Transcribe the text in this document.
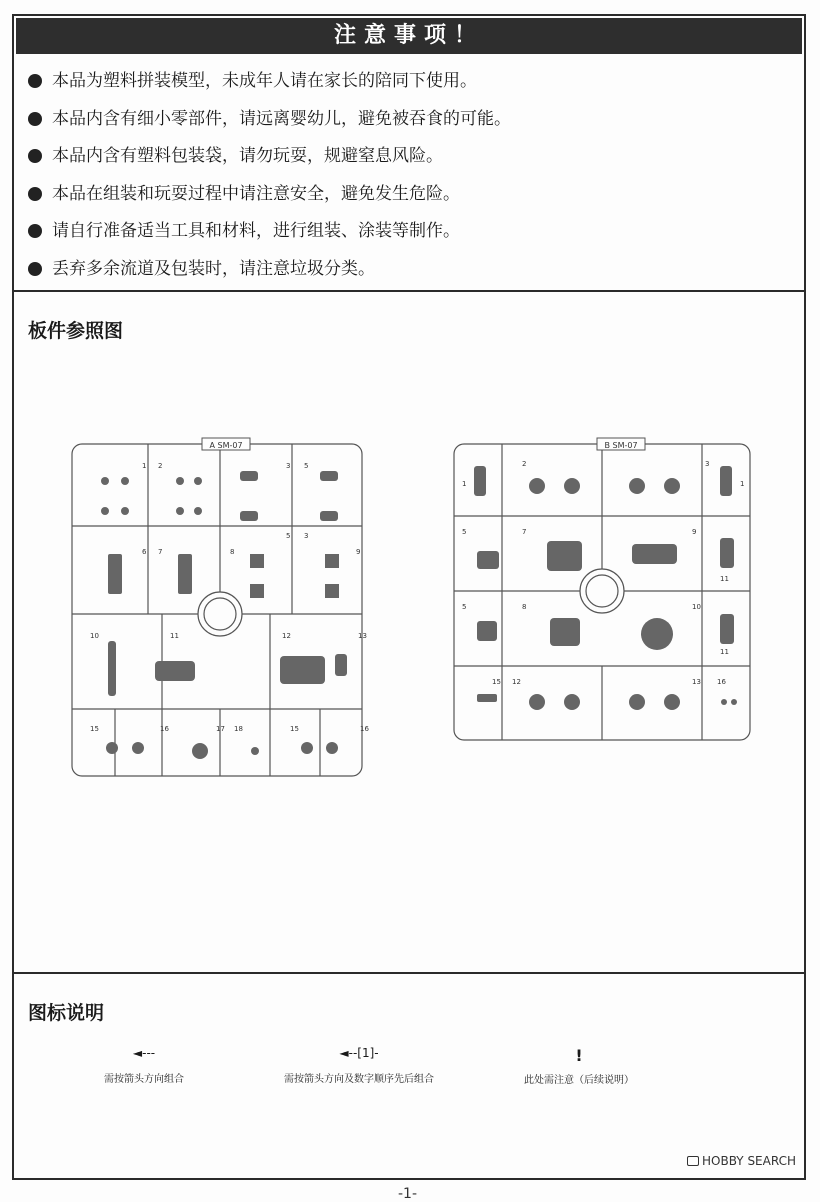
注意事项！
本品为塑料拼装模型，未成年人请在家长的陪同下使用。
本品内含有细小零部件，请远离婴幼儿，避免被吞食的可能。
本品内含有塑料包装袋，请勿玩耍，规避窒息风险。
本品在组装和玩耍过程中请注意安全，避免发生危险。
请自行准备适当工具和材料，进行组装、涂装等制作。
丢弃多余流道及包装时，请注意垃圾分类。
板件参照图
A SM-07
1 2	3 5
6 7	8	9
5 3
10	11	12	13
15	16	17 18	15	16
B SM-07
1
2	3
1
5	7	9
5	8	10
11
11
15 12	13 16
图标说明
◄---
需按箭头方向组合
◄--[1]-
需按箭头方向及数字顺序先后组合
!
此处需注意（后续说明）
HOBBY SEARCH
-1-
